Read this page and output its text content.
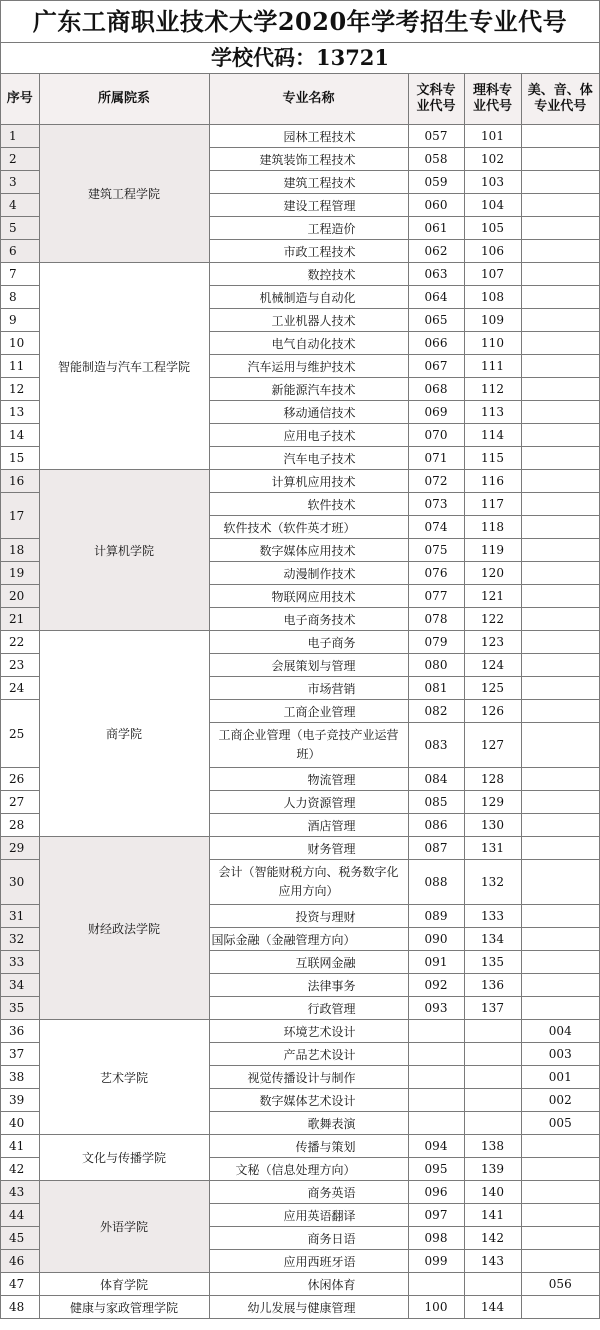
广东工商职业技术大学2020年学考招生专业代号
学校代码：13721
序号	所属院系	专业名称	文科专业代号	理科专业代号	美、音、体专业代号
1	建筑工程学院	园林工程技术	057	101	
2		建筑装饰工程技术	058	102	
3		建筑工程技术	059	103	
4		建设工程管理	060	104	
5		工程造价	061	105	
6		市政工程技术	062	106	
7	智能制造与汽车工程学院	数控技术	063	107	
8		机械制造与自动化	064	108	
9		工业机器人技术	065	109	
10		电气自动化技术	066	110	
11		汽车运用与维护技术	067	111	
12		新能源汽车技术	068	112	
13		移动通信技术	069	113	
14		应用电子技术	070	114	
15		汽车电子技术	071	115	
16	计算机学院	计算机应用技术	072	116	
17		软件技术	073	117	
		软件技术（软件英才班）	074	118	
18		数字媒体应用技术	075	119	
19		动漫制作技术	076	120	
20		物联网应用技术	077	121	
21		电子商务技术	078	122	
22	商学院	电子商务	079	123	
23		会展策划与管理	080	124	
24		市场营销	081	125	
25		工商企业管理	082	126	
		工商企业管理（电子竞技产业运营班）	083	127	
26		物流管理	084	128	
27		人力资源管理	085	129	
28		酒店管理	086	130	
29	财经政法学院	财务管理	087	131	
30		会计（智能财税方向、税务数字化应用方向）	088	132	
31		投资与理财	089	133	
32		国际金融（金融管理方向）	090	134	
33		互联网金融	091	135	
34		法律事务	092	136	
35		行政管理	093	137	
36	艺术学院	环境艺术设计			004
37		产品艺术设计			003
38		视觉传播设计与制作			001
39		数字媒体艺术设计			002
40		歌舞表演			005
41	文化与传播学院	传播与策划	094	138	
42		文秘（信息处理方向）	095	139	
43	外语学院	商务英语	096	140	
44		应用英语翻译	097	141	
45		商务日语	098	142	
46		应用西班牙语	099	143	
47	体育学院	休闲体育			056
48	健康与家政管理学院	幼儿发展与健康管理	100	144	
